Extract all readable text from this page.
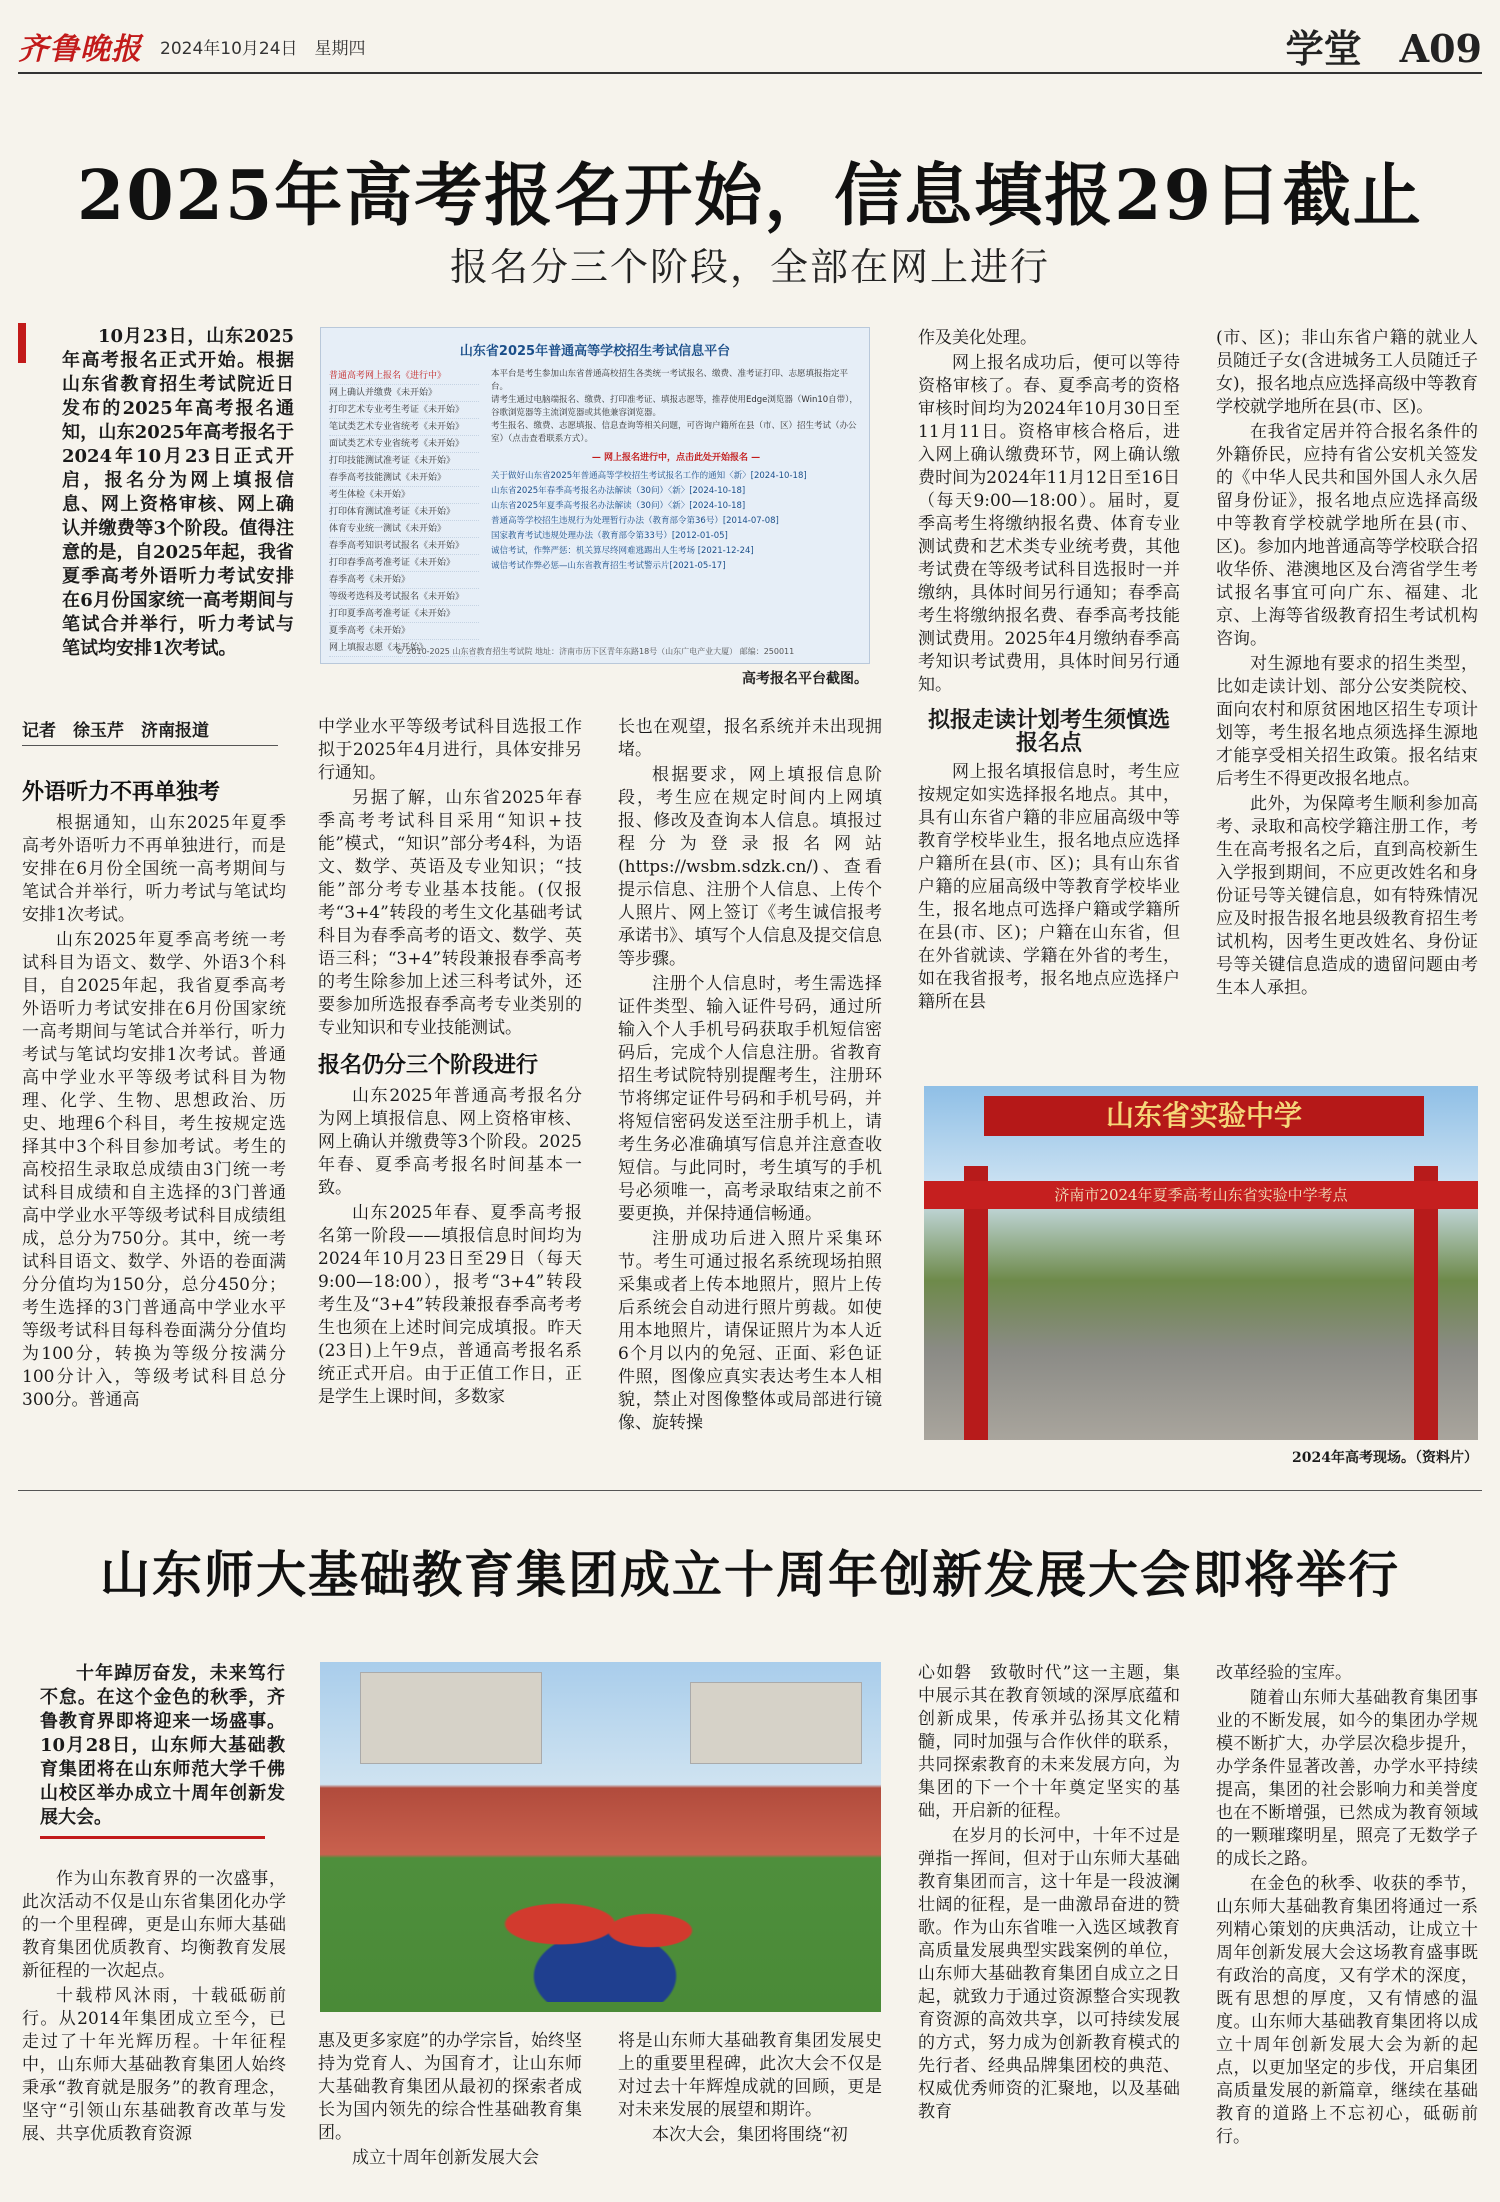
齐鲁晚报 2024年10月24日　星期四	学堂　A09
2025年高考报名开始，信息填报29日截止
报名分三个阶段，全部在网上进行

10月23日，山东2025年高考报名正式开始。根据山东省教育招生考试院近日发布的2025年高考报名通知，山东2025年高考报名于2024年10月23日正式开启，报名分为网上填报信息、网上资格审核、网上确认并缴费等3个阶段。值得注意的是，自2025年起，我省夏季高考外语听力考试安排在6月份国家统一高考期间与笔试合并举行，听力考试与笔试均安排1次考试。

山东省2025年普通高等学校招生考试信息平台
普通高考网上报名《进行中》
网上确认并缴费《未开始》
打印艺术专业考生考证《未开始》
笔试类艺术专业省统考《未开始》
面试类艺术专业省统考《未开始》
打印技能测试准考证《未开始》
春季高考技能测试《未开始》
考生体检《未开始》
打印体育测试准考证《未开始》
体育专业统一测试《未开始》
春季高考知识考试报名《未开始》
打印春季高考准考证《未开始》
春季高考《未开始》
等级考选科及考试报名《未开始》
打印夏季高考准考证《未开始》
夏季高考《未开始》
网上填报志愿《未开始》
本平台是考生参加山东省普通高校招生各类统一考试报名、缴费、准考证打印、志愿填报指定平台。
请考生通过电脑端报名、缴费、打印准考证、填报志愿等，推荐使用Edge浏览器（Win10自带），谷歌浏览器等主流浏览器或其他兼容浏览器。
考生报名、缴费、志愿填报、信息查询等相关问题，可咨询户籍所在县（市、区）招生考试（办公室）（点击查看联系方式）。
— 网上报名进行中，点击此处开始报名 —
关于做好山东省2025年普通高等学校招生考试报名工作的通知〈新〉[2024-10-18]
山东省2025年春季高考报名办法解读（30问）〈新〉[2024-10-18]
山东省2025年夏季高考报名办法解读（30问）〈新〉[2024-10-18]
普通高等学校招生违规行为处理暂行办法（教育部令第36号）[2014-07-08]
国家教育考试违规处理办法（教育部令第33号）[2012-01-05]
诚信考试，作弊严惩：机关算尽终网难逃踢出人生考场 [2021-12-24]
诚信考试作弊必惩—山东省教育招生考试警示片[2021-05-17]
© 2010-2025 山东省教育招生考试院 地址：济南市历下区青年东路18号（山东广电产业大厦） 邮编：250011
高考报名平台截图。
记者　徐玉芹　济南报道
外语听力不再单独考

根据通知，山东2025年夏季高考外语听力不再单独进行，而是安排在6月份全国统一高考期间与笔试合并举行，听力考试与笔试均安排1次考试。

山东2025年夏季高考统一考试科目为语文、数学、外语3个科目，自2025年起，我省夏季高考外语听力考试安排在6月份国家统一高考期间与笔试合并举行，听力考试与笔试均安排1次考试。普通高中学业水平等级考试科目为物理、化学、生物、思想政治、历史、地理6个科目，考生按规定选择其中3个科目参加考试。考生的高校招生录取总成绩由3门统一考试科目成绩和自主选择的3门普通高中学业水平等级考试科目成绩组成，总分为750分。其中，统一考试科目语文、数学、外语的卷面满分分值均为150分，总分450分；考生选择的3门普通高中学业水平等级考试科目每科卷面满分分值均为100分，转换为等级分按满分100分计入，等级考试科目总分300分。普通高

中学业水平等级考试科目选报工作拟于2025年4月进行，具体安排另行通知。

另据了解，山东省2025年春季高考考试科目采用“知识+技能”模式，“知识”部分考4科，为语文、数学、英语及专业知识；“技能”部分考专业基本技能。(仅报考“3+4”转段的考生文化基础考试科目为春季高考的语文、数学、英语三科；“3+4”转段兼报春季高考的考生除参加上述三科考试外，还要参加所选报春季高考专业类别的专业知识和专业技能测试。

报名仍分三个阶段进行

山东2025年普通高考报名分为网上填报信息、网上资格审核、网上确认并缴费等3个阶段。2025年春、夏季高考报名时间基本一致。

山东2025年春、夏季高考报名第一阶段——填报信息时间均为2024年10月23日至29日（每天9:00—18:00），报考“3+4”转段考生及“3+4”转段兼报春季高考考生也须在上述时间完成填报。昨天(23日)上午9点，普通高考报名系统正式开启。由于正值工作日，正是学生上课时间，多数家

长也在观望，报名系统并未出现拥堵。

根据要求，网上填报信息阶段，考生应在规定时间内上网填报、修改及查询本人信息。填报过程分为登录报名网站(https://wsbm.sdzk.cn/)、查看提示信息、注册个人信息、上传个人照片、网上签订《考生诚信报考承诺书》、填写个人信息及提交信息等步骤。

注册个人信息时，考生需选择证件类型、输入证件号码，通过所输入个人手机号码获取手机短信密码后，完成个人信息注册。省教育招生考试院特别提醒考生，注册环节将绑定证件号码和手机号码，并将短信密码发送至注册手机上，请考生务必准确填写信息并注意查收短信。与此同时，考生填写的手机号必须唯一，高考录取结束之前不要更换，并保持通信畅通。

注册成功后进入照片采集环节。考生可通过报名系统现场拍照采集或者上传本地照片，照片上传后系统会自动进行照片剪裁。如使用本地照片，请保证照片为本人近6个月以内的免冠、正面、彩色证件照，图像应真实表达考生本人相貌，禁止对图像整体或局部进行镜像、旋转操

作及美化处理。

网上报名成功后，便可以等待资格审核了。春、夏季高考的资格审核时间均为2024年10月30日至11月11日。资格审核合格后，进入网上确认缴费环节，网上确认缴费时间为2024年11月12日至16日（每天9:00—18:00）。届时，夏季高考生将缴纳报名费、体育专业测试费和艺术类专业统考费，其他考试费在等级考试科目选报时一并缴纳，具体时间另行通知；春季高考生将缴纳报名费、春季高考技能测试费用。2025年4月缴纳春季高考知识考试费用，具体时间另行通知。

拟报走读计划考生须慎选报名点

网上报名填报信息时，考生应按规定如实选择报名地点。其中，具有山东省户籍的非应届高级中等教育学校毕业生，报名地点应选择户籍所在县(市、区)；具有山东省户籍的应届高级中等教育学校毕业生，报名地点可选择户籍或学籍所在县(市、区)；户籍在山东省，但在外省就读、学籍在外省的考生，如在我省报考，报名地点应选择户籍所在县

(市、区)；非山东省户籍的就业人员随迁子女(含进城务工人员随迁子女)，报名地点应选择高级中等教育学校就学地所在县(市、区)。

在我省定居并符合报名条件的外籍侨民，应持有省公安机关签发的《中华人民共和国外国人永久居留身份证》，报名地点应选择高级中等教育学校就学地所在县(市、区)。参加内地普通高等学校联合招收华侨、港澳地区及台湾省学生考试报名事宜可向广东、福建、北京、上海等省级教育招生考试机构咨询。

对生源地有要求的招生类型，比如走读计划、部分公安类院校、面向农村和原贫困地区招生专项计划等，考生报名地点须选择生源地才能享受相关招生政策。报名结束后考生不得更改报名地点。

此外，为保障考生顺利参加高考、录取和高校学籍注册工作，考生在高考报名之后，直到高校新生入学报到期间，不应更改姓名和身份证号等关键信息，如有特殊情况应及时报告报名地县级教育招生考试机构，因考生更改姓名、身份证号等关键信息造成的遗留问题由考生本人承担。

山东省实验中学
济南市2024年夏季高考山东省实验中学考点
2024年高考现场。（资料片）
山东师大基础教育集团成立十周年创新发展大会即将举行

十年踔厉奋发，未来笃行不怠。在这个金色的秋季，齐鲁教育界即将迎来一场盛事。10月28日，山东师大基础教育集团将在山东师范大学千佛山校区举办成立十周年创新发展大会。

作为山东教育界的一次盛事，此次活动不仅是山东省集团化办学的一个里程碑，更是山东师大基础教育集团优质教育、均衡教育发展新征程的一次起点。

十载栉风沐雨，十载砥砺前行。从2014年集团成立至今，已走过了十年光辉历程。十年征程中，山东师大基础教育集团人始终秉承“教育就是服务”的教育理念，坚守“引领山东基础教育改革与发展、共享优质教育资源

惠及更多家庭”的办学宗旨，始终坚持为党育人、为国育才，让山东师大基础教育集团从最初的探索者成长为国内领先的综合性基础教育集团。

成立十周年创新发展大会

将是山东师大基础教育集团发展史上的重要里程碑，此次大会不仅是对过去十年辉煌成就的回顾，更是对未来发展的展望和期许。

本次大会，集团将围绕“初

心如磐　致敬时代”这一主题，集中展示其在教育领域的深厚底蕴和创新成果，传承并弘扬其文化精髓，同时加强与合作伙伴的联系，共同探索教育的未来发展方向，为集团的下一个十年奠定坚实的基础，开启新的征程。

在岁月的长河中，十年不过是弹指一挥间，但对于山东师大基础教育集团而言，这十年是一段波澜壮阔的征程，是一曲激昂奋进的赞歌。作为山东省唯一入选区域教育高质量发展典型实践案例的单位，山东师大基础教育集团自成立之日起，就致力于通过资源整合实现教育资源的高效共享，以可持续发展的方式，努力成为创新教育模式的先行者、经典品牌集团校的典范、权威优秀师资的汇聚地，以及基础教育

改革经验的宝库。

随着山东师大基础教育集团事业的不断发展，如今的集团办学规模不断扩大，办学层次稳步提升，办学条件显著改善，办学水平持续提高，集团的社会影响力和美誉度也在不断增强，已然成为教育领域的一颗璀璨明星，照亮了无数学子的成长之路。

在金色的秋季、收获的季节，山东师大基础教育集团将通过一系列精心策划的庆典活动，让成立十周年创新发展大会这场教育盛事既有政治的高度，又有学术的深度，既有思想的厚度，又有情感的温度。山东师大基础教育集团将以成立十周年创新发展大会为新的起点，以更加坚定的步伐，开启集团高质量发展的新篇章，继续在基础教育的道路上不忘初心，砥砺前行。
